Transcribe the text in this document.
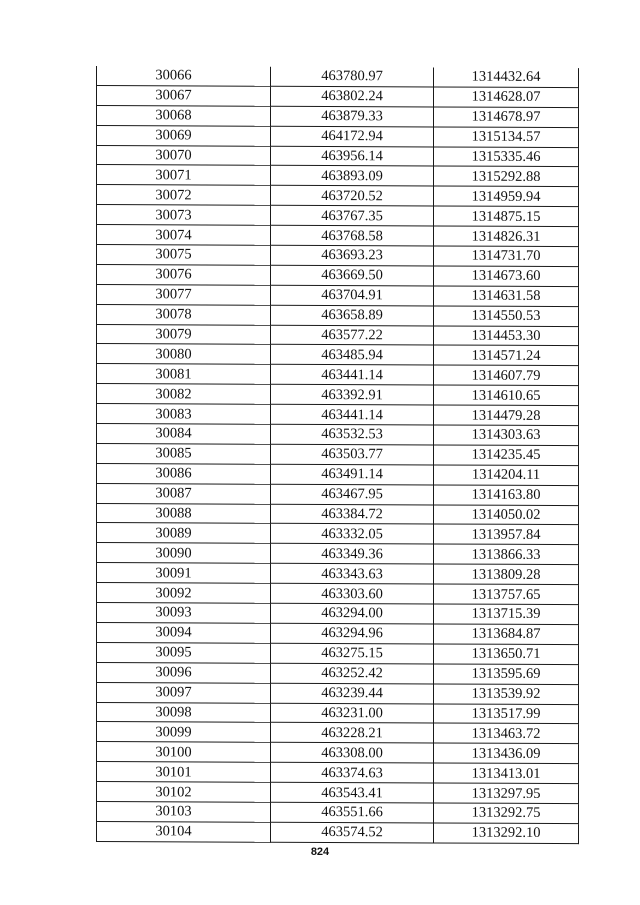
30066	463780.97	1314432.64
30067	463802.24	1314628.07
30068	463879.33	1314678.97
30069	464172.94	1315134.57
30070	463956.14	1315335.46
30071	463893.09	1315292.88
30072	463720.52	1314959.94
30073	463767.35	1314875.15
30074	463768.58	1314826.31
30075	463693.23	1314731.70
30076	463669.50	1314673.60
30077	463704.91	1314631.58
30078	463658.89	1314550.53
30079	463577.22	1314453.30
30080	463485.94	1314571.24
30081	463441.14	1314607.79
30082	463392.91	1314610.65
30083	463441.14	1314479.28
30084	463532.53	1314303.63
30085	463503.77	1314235.45
30086	463491.14	1314204.11
30087	463467.95	1314163.80
30088	463384.72	1314050.02
30089	463332.05	1313957.84
30090	463349.36	1313866.33
30091	463343.63	1313809.28
30092	463303.60	1313757.65
30093	463294.00	1313715.39
30094	463294.96	1313684.87
30095	463275.15	1313650.71
30096	463252.42	1313595.69
30097	463239.44	1313539.92
30098	463231.00	1313517.99
30099	463228.21	1313463.72
30100	463308.00	1313436.09
30101	463374.63	1313413.01
30102	463543.41	1313297.95
30103	463551.66	1313292.75
30104	463574.52	1313292.10
824
